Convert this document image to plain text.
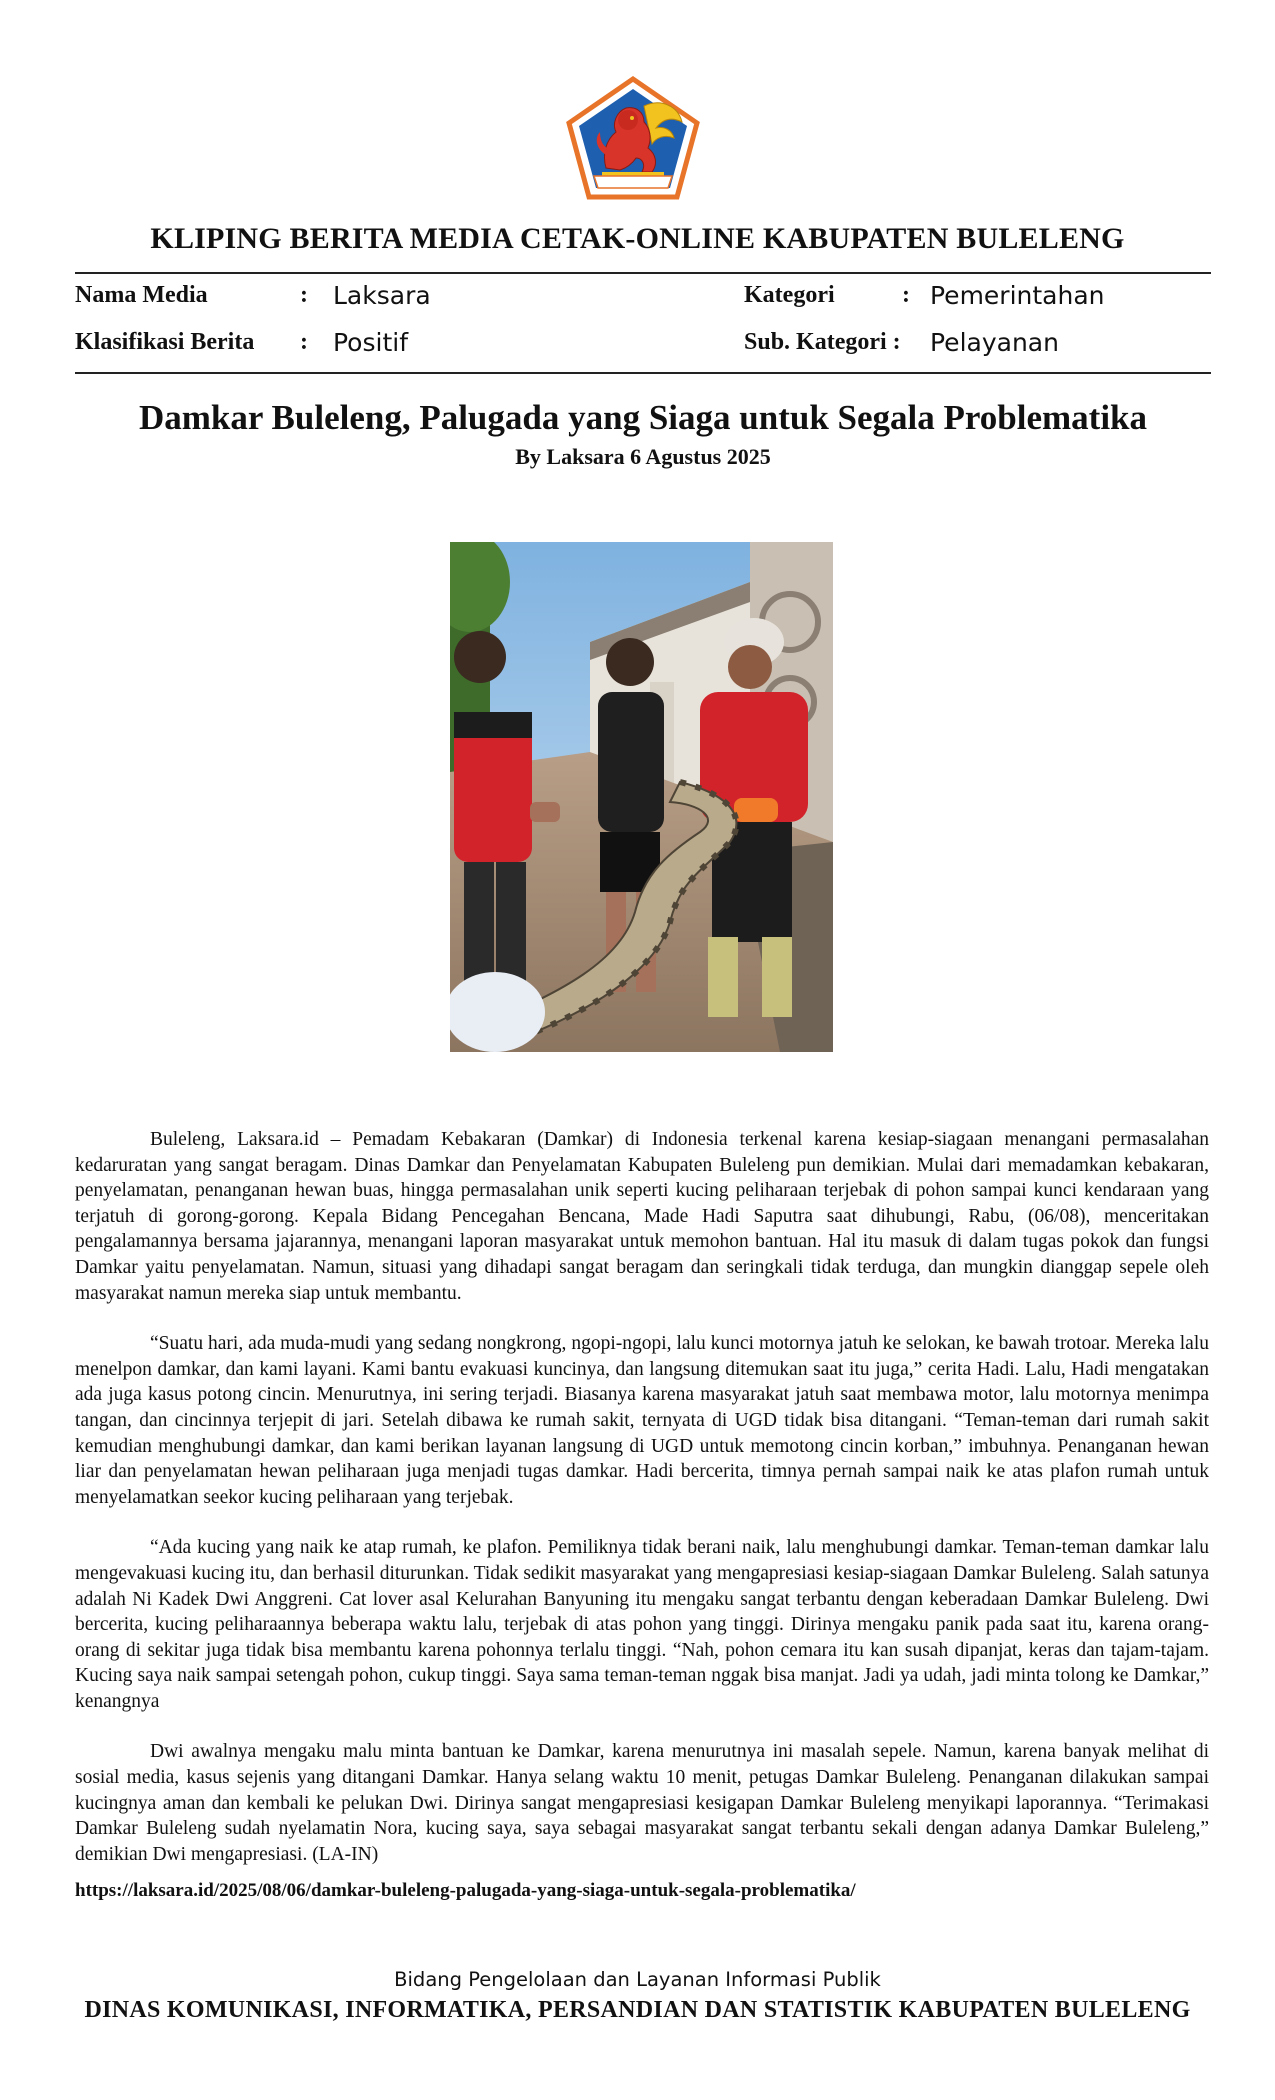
KLIPING BERITA MEDIA CETAK-ONLINE KABUPATEN BULELENG
Nama Media	: Laksara
Klasifikasi Berita : Positif
Kategori	: Pemerintahan
Sub. Kategori : Pelayanan
Damkar Buleleng, Palugada yang Siaga untuk Segala Problematika
By Laksara 6 Agustus 2025

Buleleng, Laksara.id – Pemadam Kebakaran (Damkar) di Indonesia terkenal karena kesiap-siagaan menangani permasalahan kedaruratan yang sangat beragam. Dinas Damkar dan Penyelamatan Kabupaten Buleleng pun demikian. Mulai dari memadamkan kebakaran, penyelamatan, penanganan hewan buas, hingga permasalahan unik seperti kucing peliharaan terjebak di pohon sampai kunci kendaraan yang terjatuh di gorong-gorong. Kepala Bidang Pencegahan Bencana, Made Hadi Saputra saat dihubungi, Rabu, (06/08), menceritakan pengalamannya bersama jajarannya, menangani laporan masyarakat untuk memohon bantuan. Hal itu masuk di dalam tugas pokok dan fungsi Damkar yaitu penyelamatan. Namun, situasi yang dihadapi sangat beragam dan seringkali tidak terduga, dan mungkin dianggap sepele oleh masyarakat namun mereka siap untuk membantu.

“Suatu hari, ada muda-mudi yang sedang nongkrong, ngopi-ngopi, lalu kunci motornya jatuh ke selokan, ke bawah trotoar. Mereka lalu menelpon damkar, dan kami layani. Kami bantu evakuasi kuncinya, dan langsung ditemukan saat itu juga,” cerita Hadi. Lalu, Hadi mengatakan ada juga kasus potong cincin. Menurutnya, ini sering terjadi. Biasanya karena masyarakat jatuh saat membawa motor, lalu motornya menimpa tangan, dan cincinnya terjepit di jari. Setelah dibawa ke rumah sakit, ternyata di UGD tidak bisa ditangani. “Teman-teman dari rumah sakit kemudian menghubungi damkar, dan kami berikan layanan langsung di UGD untuk memotong cincin korban,” imbuhnya. Penanganan hewan liar dan penyelamatan hewan peliharaan juga menjadi tugas damkar. Hadi bercerita, timnya pernah sampai naik ke atas plafon rumah untuk menyelamatkan seekor kucing peliharaan yang terjebak.

“Ada kucing yang naik ke atap rumah, ke plafon. Pemiliknya tidak berani naik, lalu menghubungi damkar. Teman-teman damkar lalu mengevakuasi kucing itu, dan berhasil diturunkan. Tidak sedikit masyarakat yang mengapresiasi kesiap-siagaan Damkar Buleleng. Salah satunya adalah Ni Kadek Dwi Anggreni. Cat lover asal Kelurahan Banyuning itu mengaku sangat terbantu dengan keberadaan Damkar Buleleng. Dwi bercerita, kucing peliharaannya beberapa waktu lalu, terjebak di atas pohon yang tinggi. Dirinya mengaku panik pada saat itu, karena orang-orang di sekitar juga tidak bisa membantu karena pohonnya terlalu tinggi. “Nah, pohon cemara itu kan susah dipanjat, keras dan tajam-tajam. Kucing saya naik sampai setengah pohon, cukup tinggi. Saya sama teman-teman nggak bisa manjat. Jadi ya udah, jadi minta tolong ke Damkar,” kenangnya

Dwi awalnya mengaku malu minta bantuan ke Damkar, karena menurutnya ini masalah sepele. Namun, karena banyak melihat di sosial media, kasus sejenis yang ditangani Damkar. Hanya selang waktu 10 menit, petugas Damkar Buleleng. Penanganan dilakukan sampai kucingnya aman dan kembali ke pelukan Dwi. Dirinya sangat mengapresiasi kesigapan Damkar Buleleng menyikapi laporannya. “Terimakasi Damkar Buleleng sudah nyelamatin Nora, kucing saya, saya sebagai masyarakat sangat terbantu sekali dengan adanya Damkar Buleleng,” demikian Dwi mengapresiasi. (LA-IN)

https://laksara.id/2025/08/06/damkar-buleleng-palugada-yang-siaga-untuk-segala-problematika/
Bidang Pengelolaan dan Layanan Informasi Publik
DINAS KOMUNIKASI, INFORMATIKA, PERSANDIAN DAN STATISTIK KABUPATEN BULELENG
